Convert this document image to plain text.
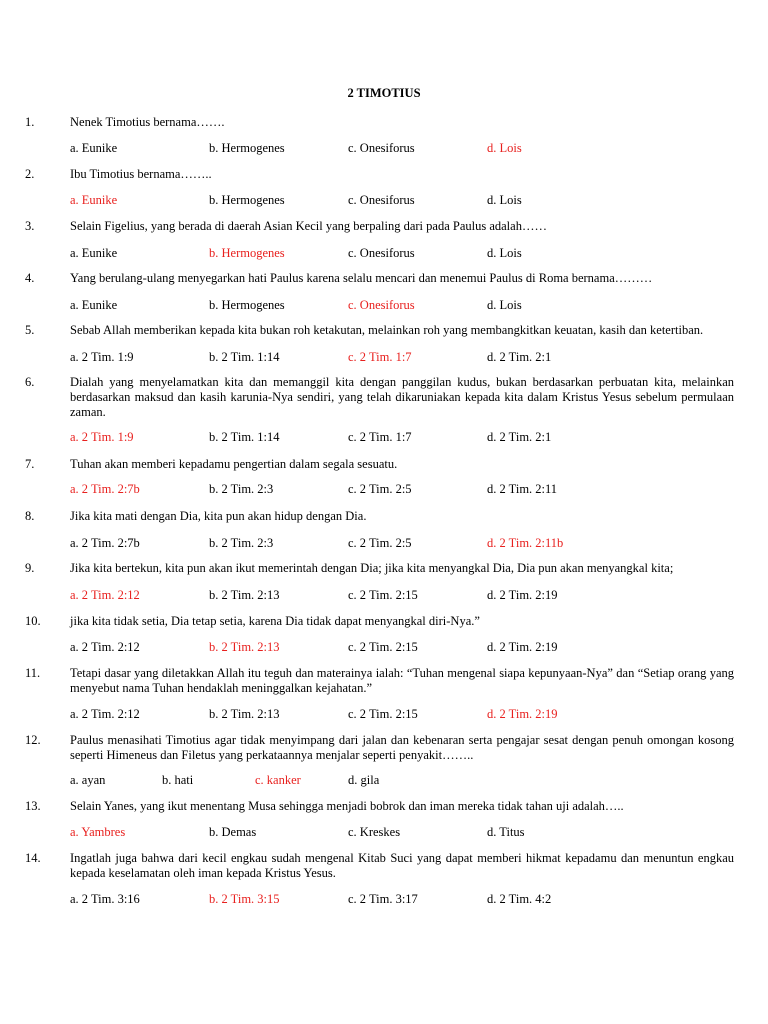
2 TIMOTIUS
1.	Nenek Timotius bernama…….
2.	Ibu Timotius bernama……..
3.	Selain Figelius, yang berada di daerah Asian Kecil yang berpaling dari pada Paulus adalah……
4.	Yang berulang-ulang menyegarkan hati Paulus karena selalu mencari dan menemui Paulus di Roma bernama………
5.	Sebab Allah memberikan kepada kita bukan roh ketakutan, melainkan roh yang membangkitkan keuatan, kasih dan ketertiban.
6.	Dialah yang menyelamatkan kita dan memanggil kita dengan panggilan kudus, bukan berdasarkan perbuatan kita, melainkan berdasarkan maksud dan kasih karunia-Nya sendiri, yang telah dikaruniakan kepada kita dalam Kristus Yesus sebelum permulaan zaman.
7.	Tuhan akan memberi kepadamu pengertian dalam segala sesuatu.
8.	Jika kita mati dengan Dia, kita pun akan hidup dengan Dia.
9.	Jika kita bertekun, kita pun akan ikut memerintah dengan Dia; jika kita menyangkal Dia, Dia pun akan menyangkal kita;
10. jika kita tidak setia, Dia tetap setia, karena Dia tidak dapat menyangkal diri-Nya.”
11. Tetapi dasar yang diletakkan Allah itu teguh dan materainya ialah: “Tuhan mengenal siapa kepunyaan-Nya” dan “Setiap orang yang menyebut nama Tuhan hendaklah meninggalkan kejahatan.”
12. Paulus menasihati Timotius agar tidak menyimpang dari jalan dan kebenaran serta pengajar sesat dengan penuh omongan kosong seperti Himeneus dan Filetus yang perkataannya menjalar seperti penyakit……..
13. Selain Yanes, yang ikut menentang Musa sehingga menjadi bobrok dan iman mereka tidak tahan uji adalah…..
14. Ingatlah juga bahwa dari kecil engkau sudah mengenal Kitab Suci yang dapat memberi hikmat kepadamu dan menuntun engkau kepada keselamatan oleh iman kepada Kristus Yesus.
a. Eunike	b. Hermogenes	c. Onesiforus	d. Lois
a. Eunike	b. Hermogenes	c. Onesiforus	d. Lois
a. Eunike	b. Hermogenes	c. Onesiforus	d. Lois
a. Eunike	b. Hermogenes	c. Onesiforus	d. Lois
a. 2 Tim. 1:9	b. 2 Tim. 1:14	c. 2 Tim. 1:7	d. 2 Tim. 2:1
a. 2 Tim. 1:9	b. 2 Tim. 1:14	c. 2 Tim. 1:7	d. 2 Tim. 2:1
a. 2 Tim. 2:7b	b. 2 Tim. 2:3	c. 2 Tim. 2:5	d. 2 Tim. 2:11
a. 2 Tim. 2:7b	b. 2 Tim. 2:3	c. 2 Tim. 2:5	d. 2 Tim. 2:11b
a. 2 Tim. 2:12	b. 2 Tim. 2:13	c. 2 Tim. 2:15	d. 2 Tim. 2:19
a. 2 Tim. 2:12	b. 2 Tim. 2:13	c. 2 Tim. 2:15	d. 2 Tim. 2:19
a. 2 Tim. 2:12	b. 2 Tim. 2:13	c. 2 Tim. 2:15	d. 2 Tim. 2:19
a. ayan	b. hati	c. kanker	d. gila
a. Yambres	b. Demas	c. Kreskes	d. Titus
a. 2 Tim. 3:16	b. 2 Tim. 3:15	c. 2 Tim. 3:17	d. 2 Tim. 4:2
